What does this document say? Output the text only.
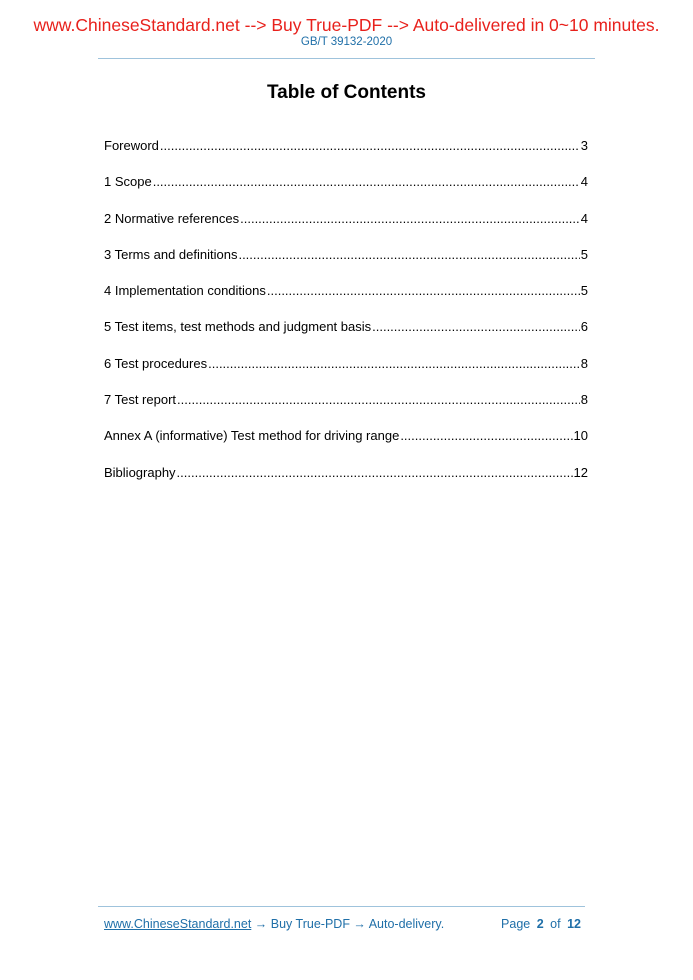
www.ChineseStandard.net --> Buy True-PDF --> Auto-delivered in 0~10 minutes.
GB/T 39132-2020
Table of Contents
Foreword .....	3
1 Scope .....	4
2 Normative references .....	4
3 Terms and definitions .....	5
4 Implementation conditions .....	5
5 Test items, test methods and judgment basis .....	6
6 Test procedures .....	8
7 Test report .....	8
Annex A (informative) Test method for driving range .....	10
Bibliography .....	12
www.ChineseStandard.net → Buy True-PDF → Auto-delivery.	Page 2 of 12
